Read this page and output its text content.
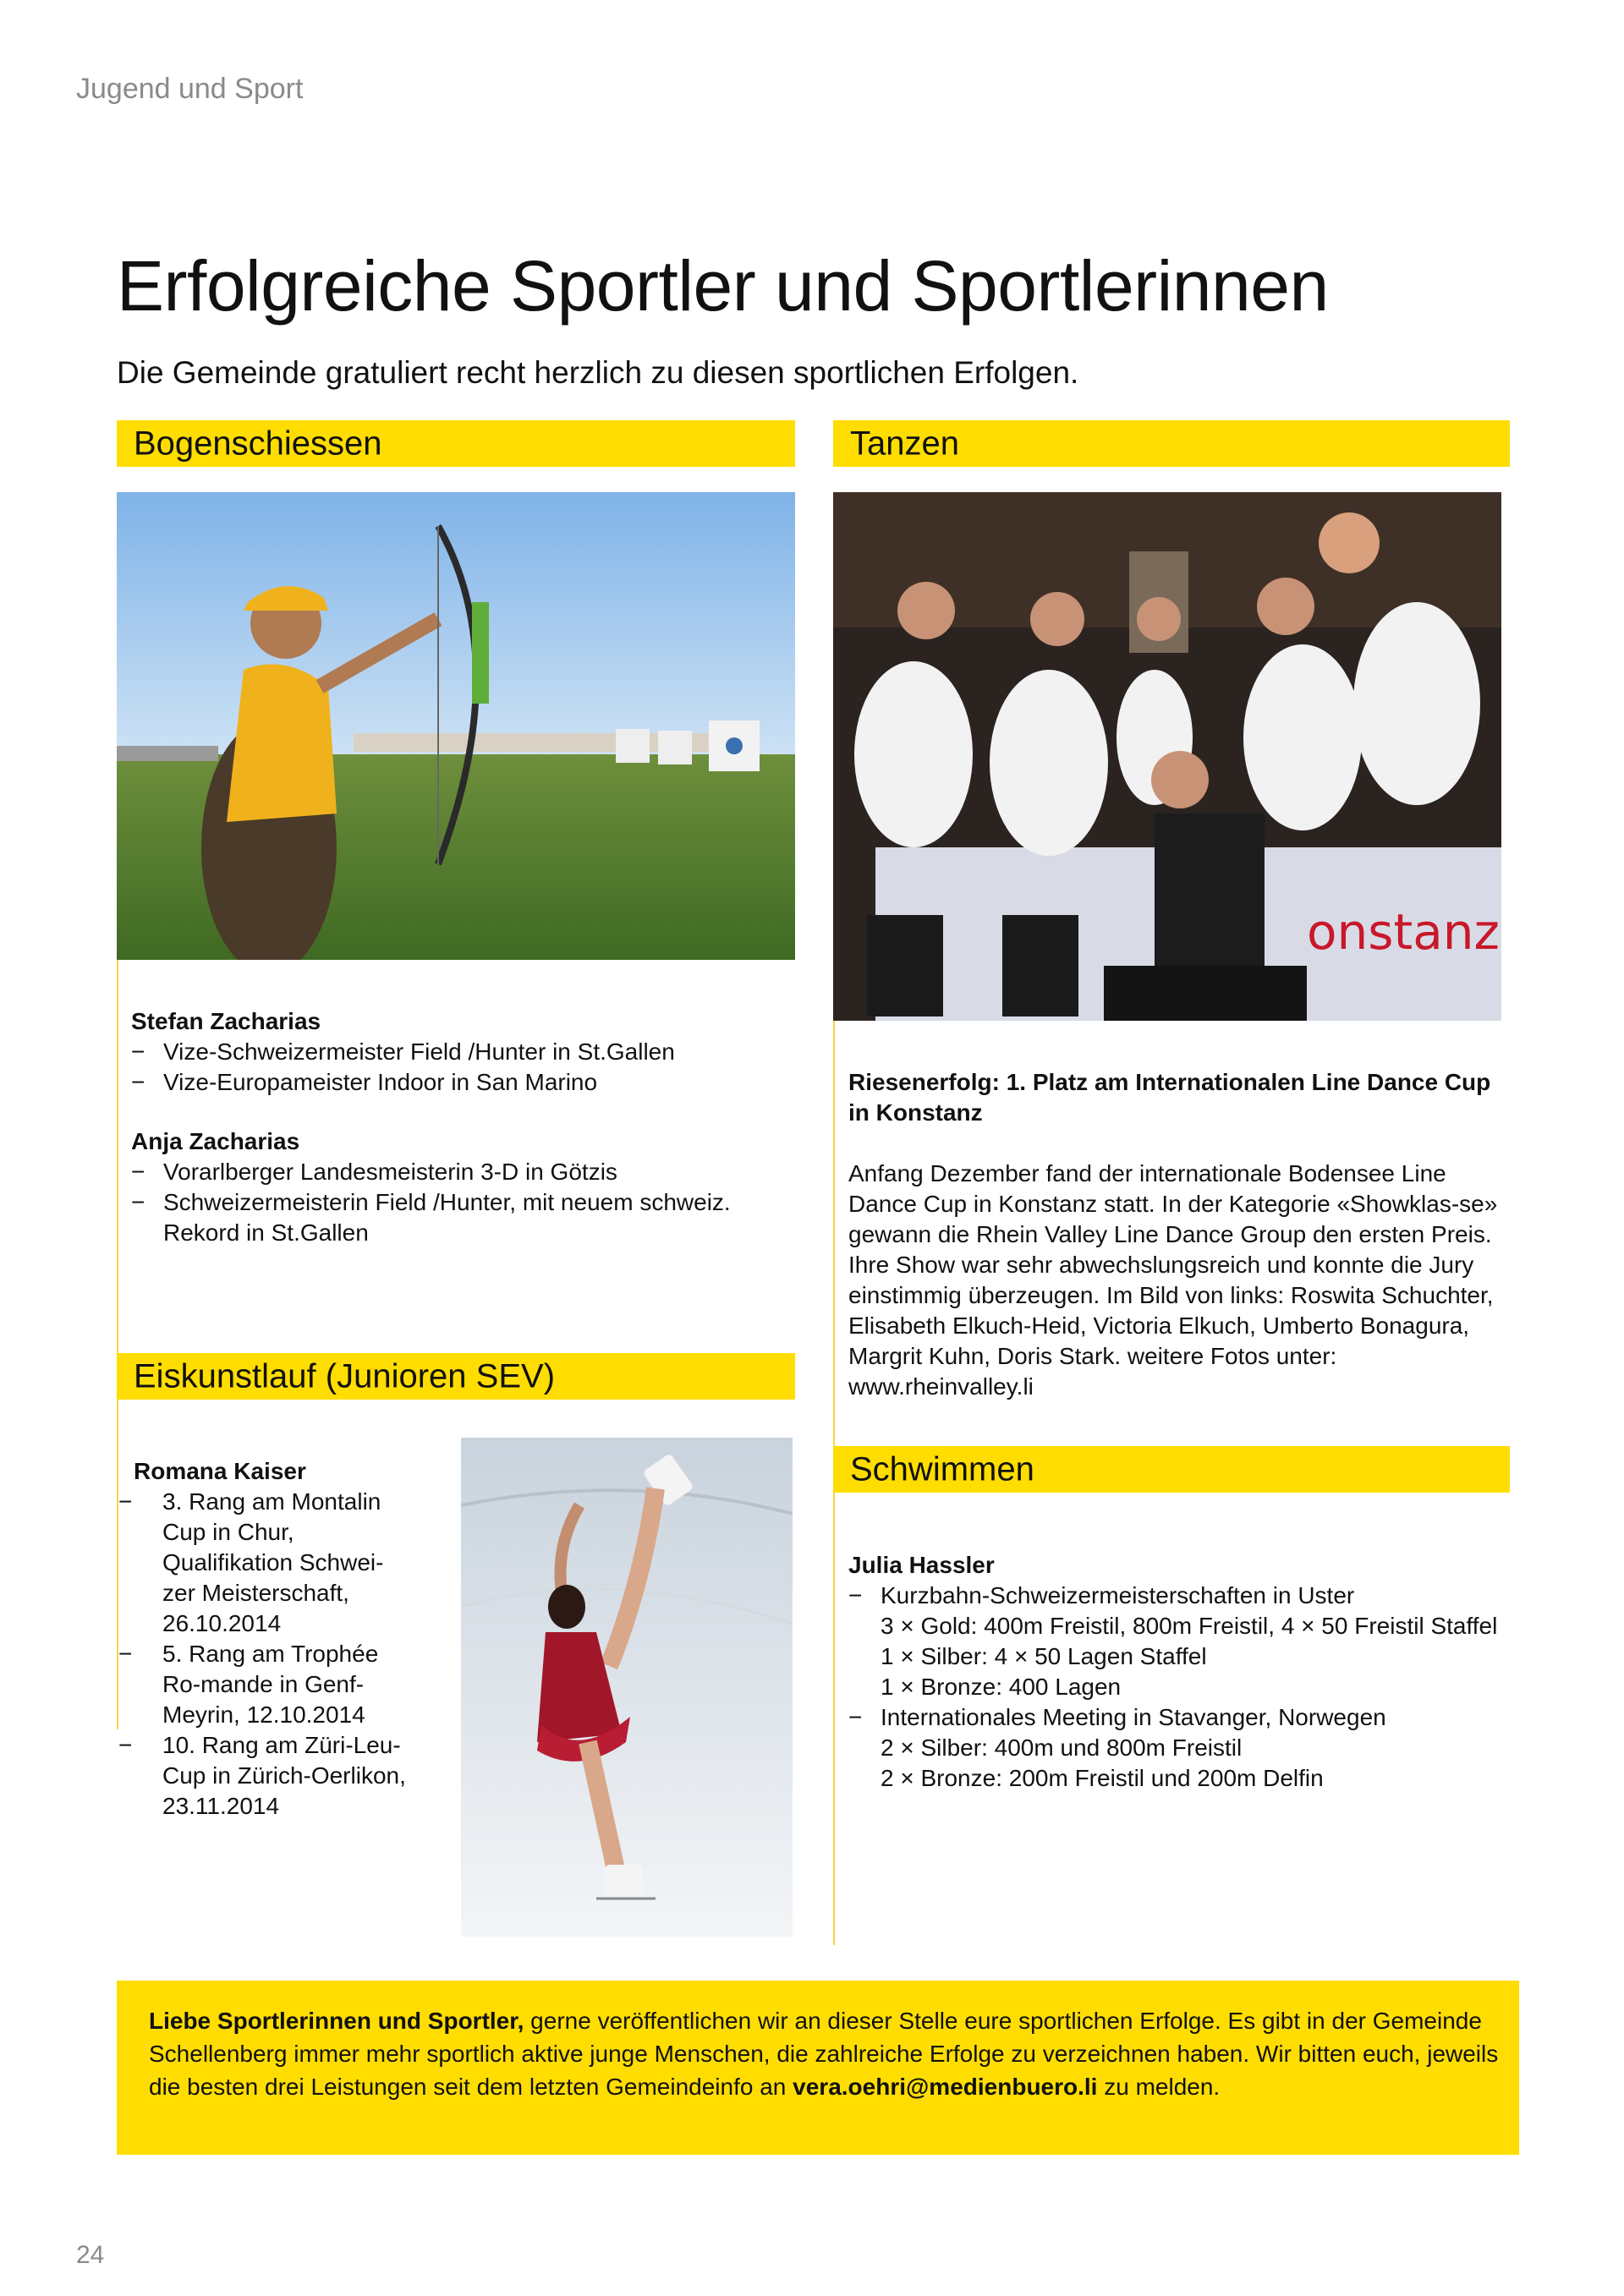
Jugend und Sport
Erfolgreiche Sportler und Sportlerinnen
Die Gemeinde gratuliert recht herzlich zu diesen sportlichen Erfolgen.
Bogenschiessen
Stefan Zacharias
− Vize-Schweizermeister Field /Hunter in St.Gallen
− Vize-Europameister Indoor in San Marino
Anja Zacharias
− Vorarlberger Landesmeisterin 3-D in Götzis
− Schweizermeisterin Field /Hunter, mit neuem schweiz. Rekord in St.Gallen
Eiskunstlauf (Junioren SEV)
Romana Kaiser
− 3. Rang am Montalin Cup in Chur, Qualifikation Schwei-zer Meisterschaft, 26.10.2014
− 5. Rang am Trophée Ro-mande in Genf-Meyrin, 12.10.2014
− 10. Rang am Züri-Leu-Cup in Zürich-Oerlikon, 23.11.2014
Tanzen
onstanz
Riesenerfolg: 1. Platz am Internationalen Line Dance Cup in Konstanz
Anfang Dezember fand der internationale Bodensee Line Dance Cup in Konstanz statt. In der Kategorie «Showklas-se» gewann die Rhein Valley Line Dance Group den ersten Preis. Ihre Show war sehr abwechslungsreich und konnte die Jury einstimmig überzeugen. Im Bild von links: Roswita Schuchter, Elisabeth Elkuch-Heid, Victoria Elkuch, Umberto Bonagura, Margrit Kuhn, Doris Stark. weitere Fotos unter: www.rheinvalley.li
Schwimmen
Julia Hassler
− Kurzbahn-Schweizermeisterschaften in Uster
3 × Gold: 400m Freistil, 800m Freistil, 4 × 50 Freistil Staffel
1 × Silber: 4 × 50 Lagen Staffel
1 × Bronze: 400 Lagen
− Internationales Meeting in Stavanger, Norwegen
2 × Silber: 400m und 800m Freistil
2 × Bronze: 200m Freistil und 200m Delfin

Liebe Sportlerinnen und Sportler, gerne veröffentlichen wir an dieser Stelle eure sportlichen Erfolge. Es gibt in der Gemeinde Schellenberg immer mehr sportlich aktive junge Menschen, die zahlreiche Erfolge zu verzeichnen haben. Wir bitten euch, jeweils die besten drei Leistungen seit dem letzten Gemeindeinfo an vera.oehri@medienbuero.li zu melden.

24
